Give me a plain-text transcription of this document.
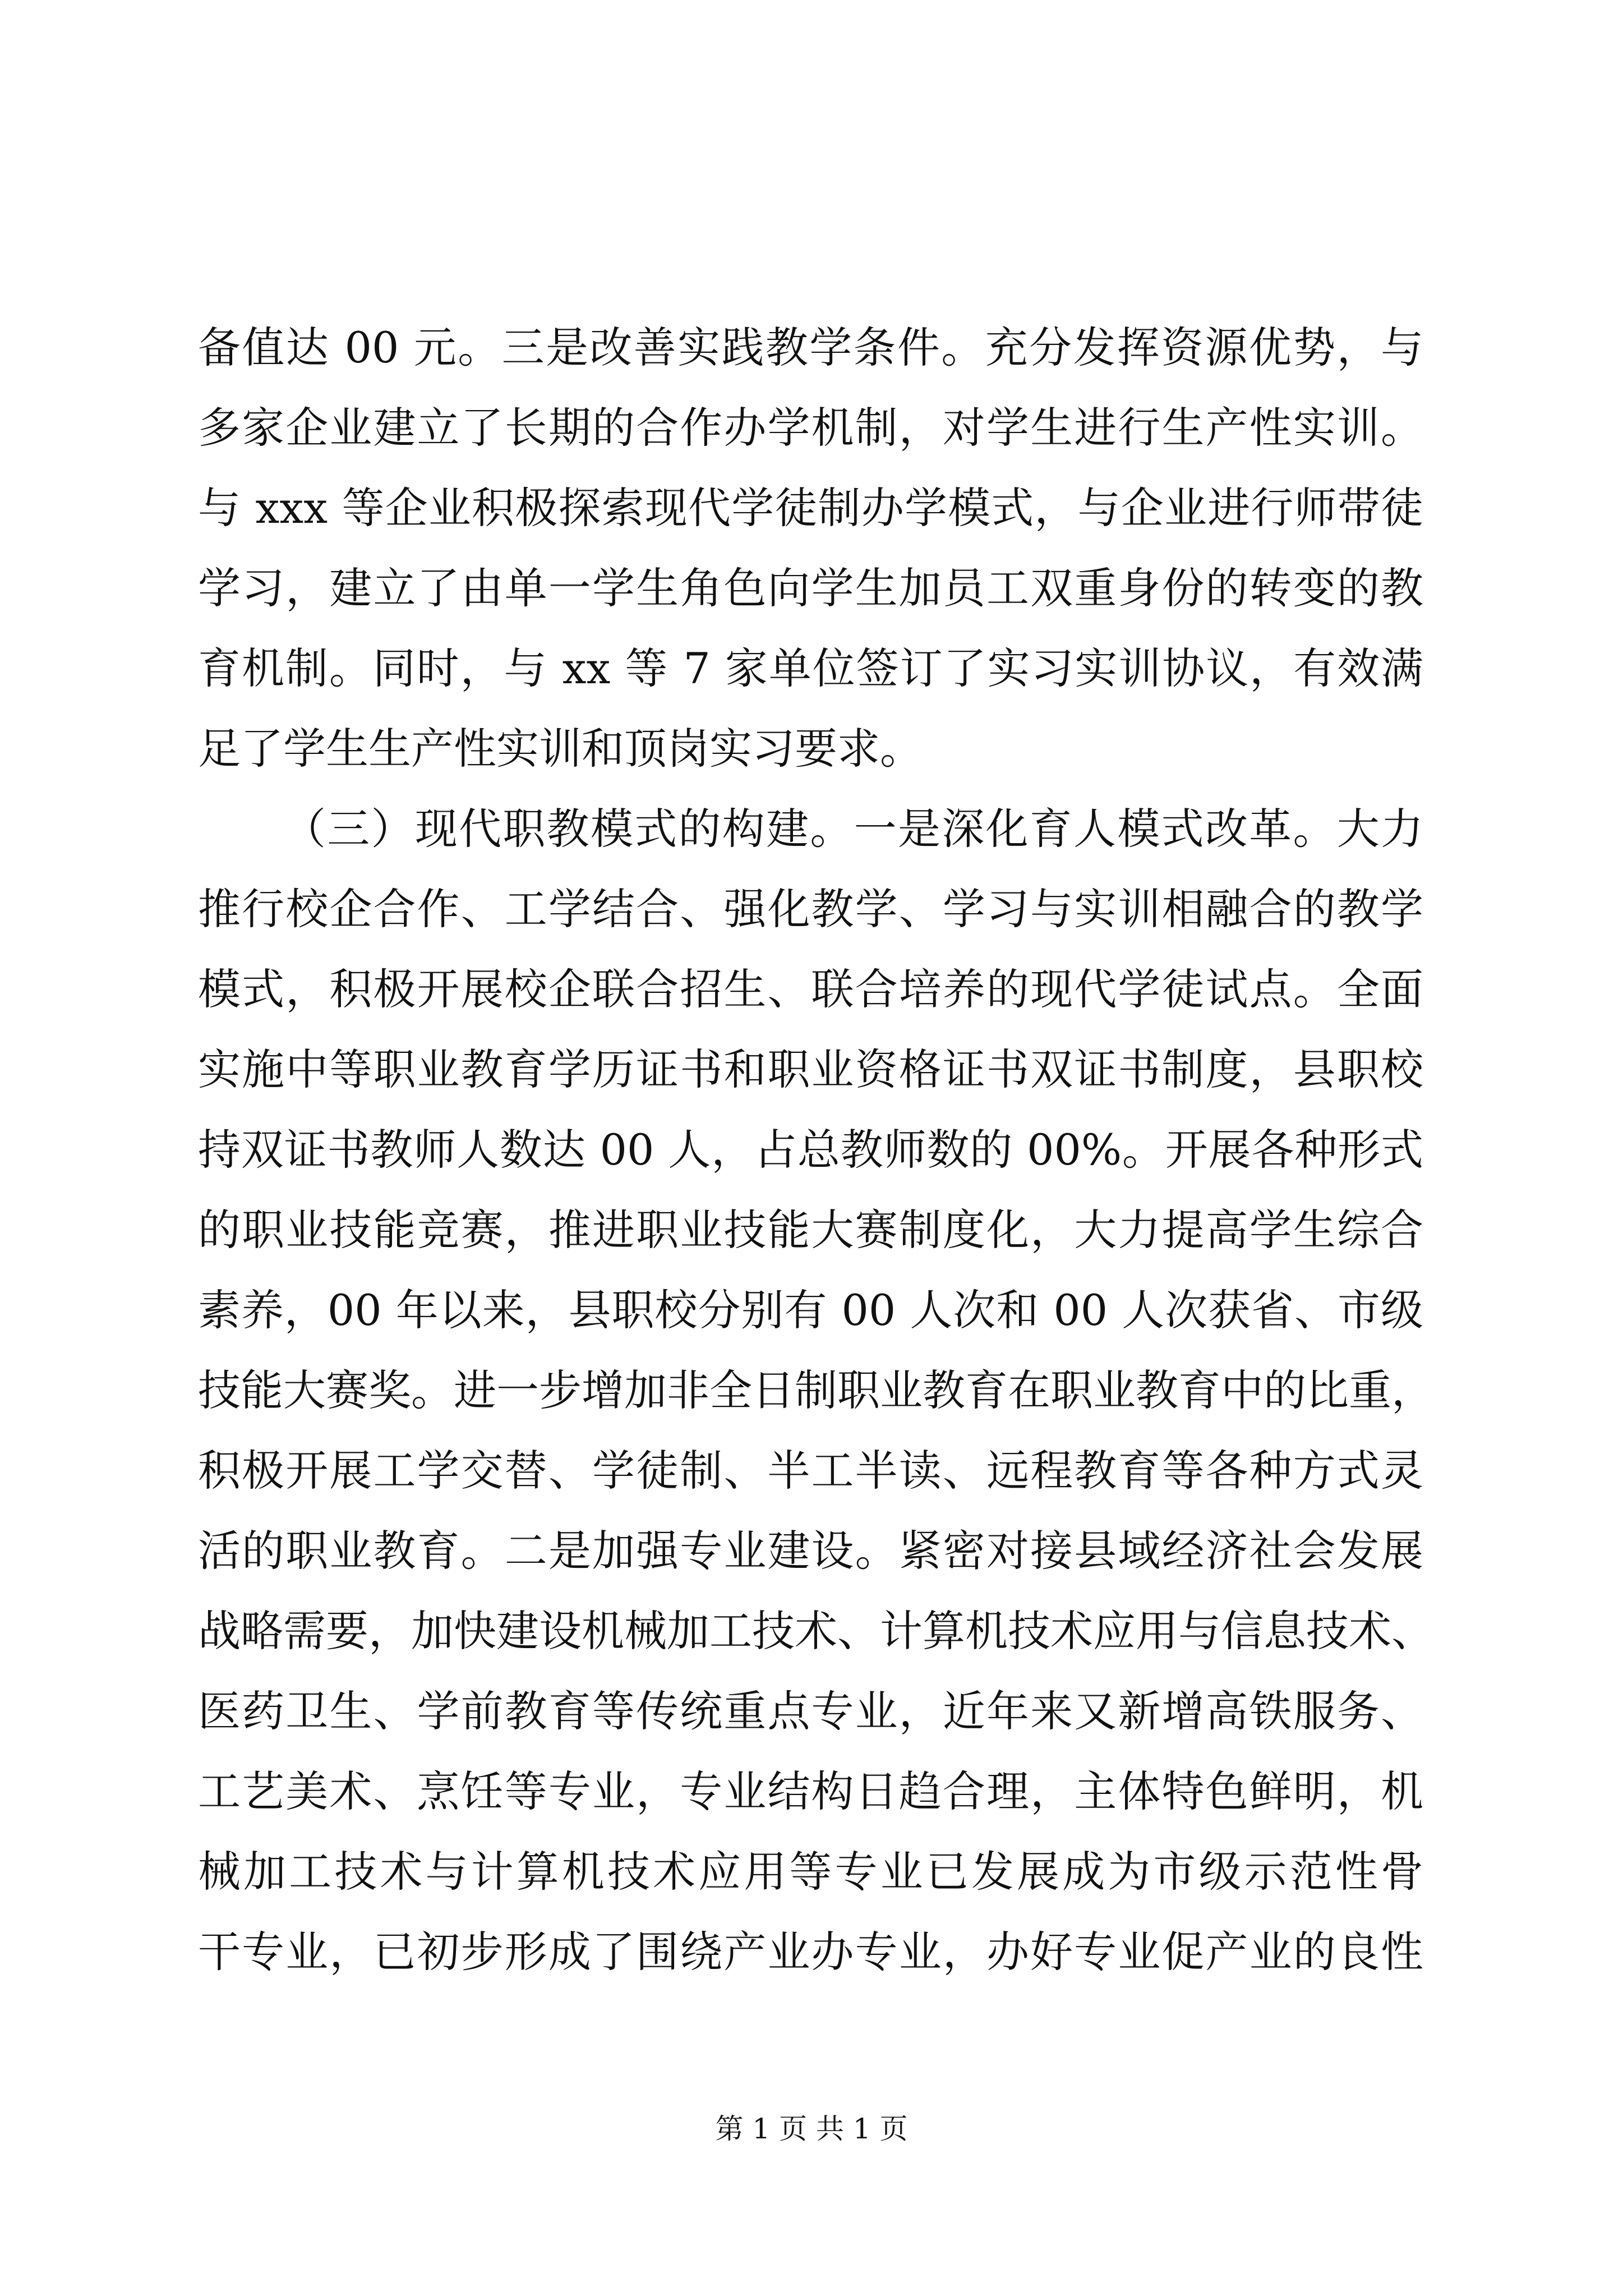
备值达 00 元。三是改善实践教学条件。充分发挥资源优势，与
多家企业建立了长期的合作办学机制，对学生进行生产性实训。
与 xxx 等企业积极探索现代学徒制办学模式，与企业进行师带徒
学习，建立了由单一学生角色向学生加员工双重身份的转变的教
育机制。同时，与 xx 等 7 家单位签订了实习实训协议，有效满
足了学生生产性实训和顶岗实习要求。
（三）现代职教模式的构建。一是深化育人模式改革。大力
推行校企合作、工学结合、强化教学、学习与实训相融合的教学
模式，积极开展校企联合招生、联合培养的现代学徒试点。全面
实施中等职业教育学历证书和职业资格证书双证书制度，县职校
持双证书教师人数达 00 人，占总教师数的 00%。开展各种形式
的职业技能竞赛，推进职业技能大赛制度化，大力提高学生综合
素养，00 年以来，县职校分别有 00 人次和 00 人次获省、市级
技能大赛奖。进一步增加非全日制职业教育在职业教育中的比重，
积极开展工学交替、学徒制、半工半读、远程教育等各种方式灵
活的职业教育。二是加强专业建设。紧密对接县域经济社会发展
战略需要，加快建设机械加工技术、计算机技术应用与信息技术、
医药卫生、学前教育等传统重点专业，近年来又新增高铁服务、
工艺美术、烹饪等专业，专业结构日趋合理，主体特色鲜明，机
械加工技术与计算机技术应用等专业已发展成为市级示范性骨
干专业，已初步形成了围绕产业办专业，办好专业促产业的良性
第 1 页 共 1 页
